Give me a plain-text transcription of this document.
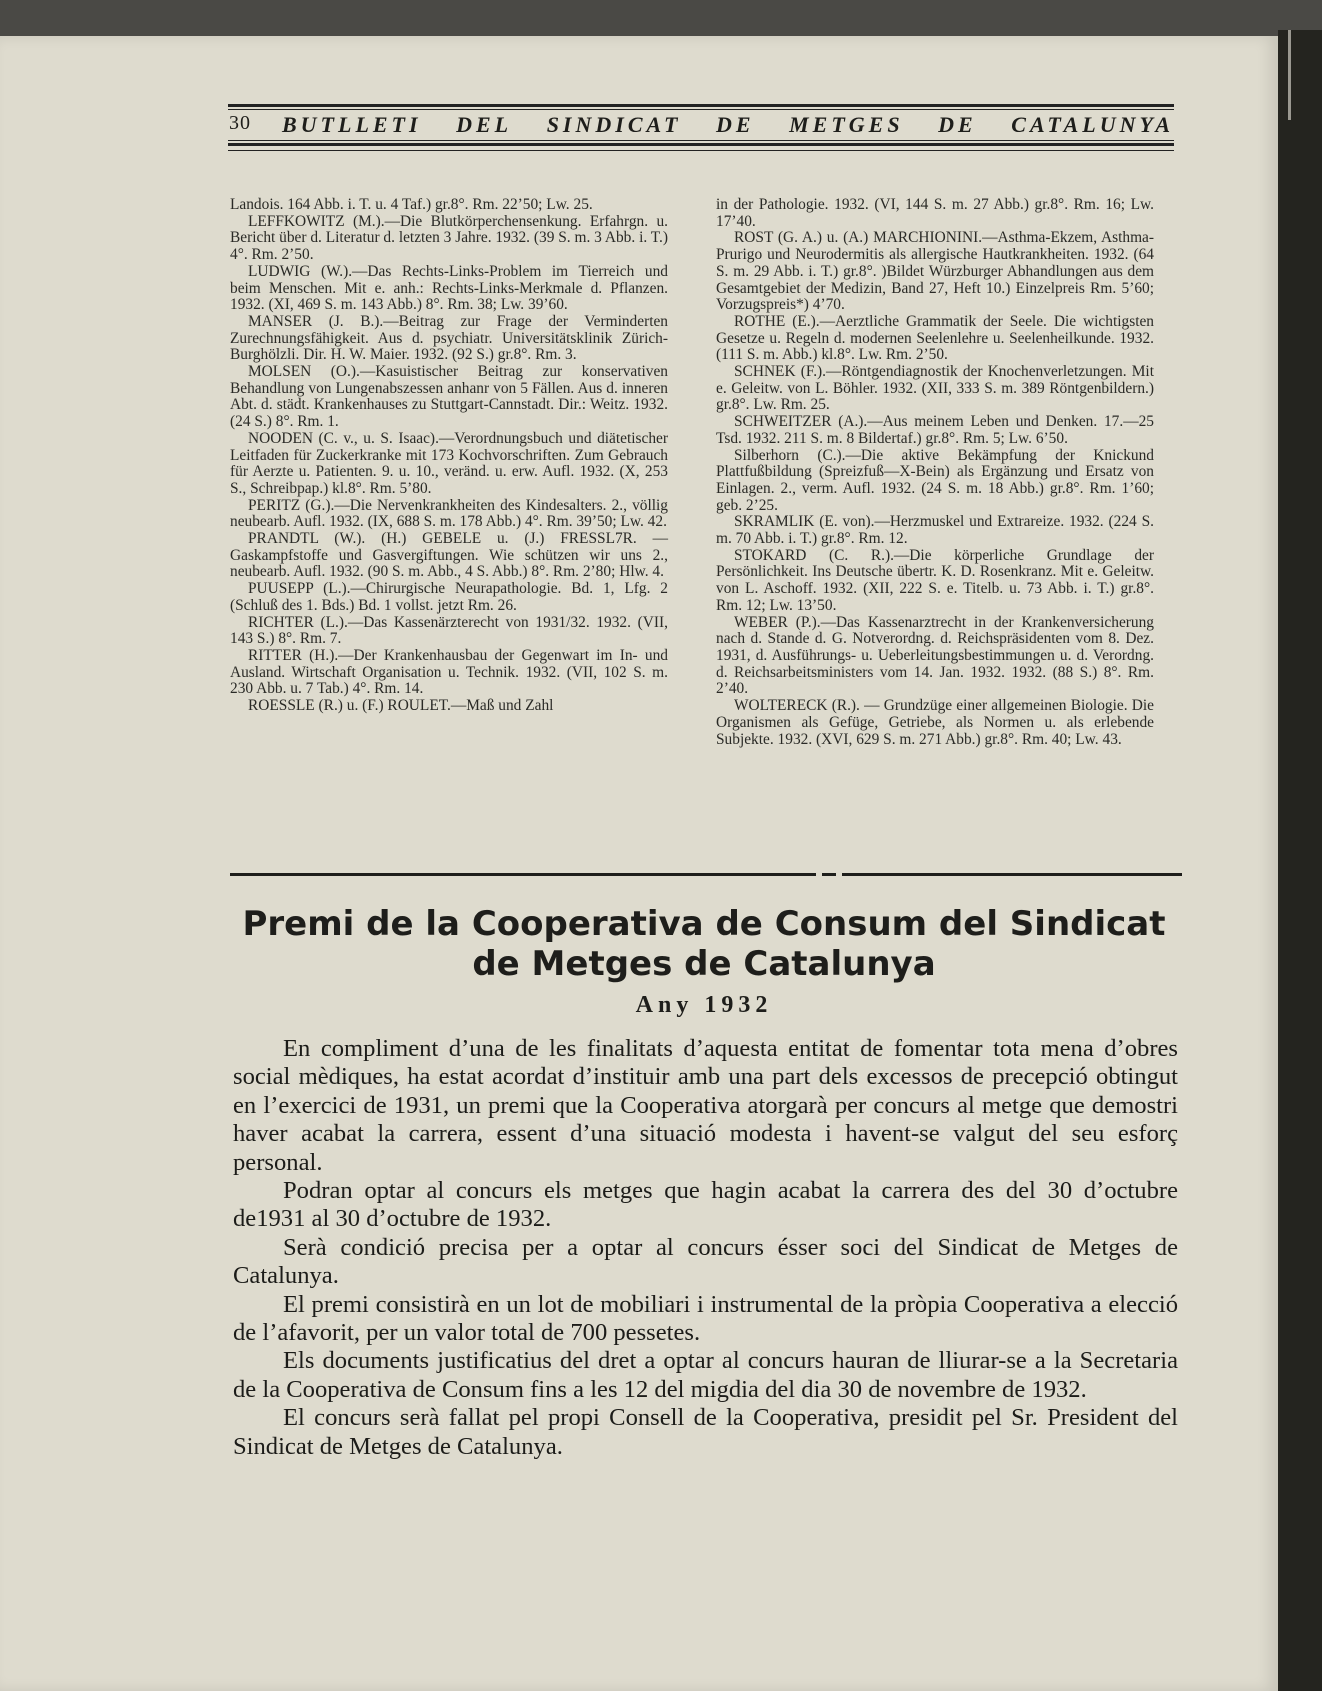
30 BUTLLETI DEL SINDICAT DE METGES DE CATALUNYA

Landois. 164 Abb. i. T. u. 4 Taf.) gr.8°. Rm. 22’50; Lw. 25.

LEFFKOWITZ (M.).—Die Blutkörperchensenkung. Erfahrgn. u. Bericht über d. Literatur d. letzten 3 Jahre. 1932. (39 S. m. 3 Abb. i. T.) 4°. Rm. 2’50.

LUDWIG (W.).—Das Rechts-Links-Problem im Tierreich und beim Menschen. Mit e. anh.: Rechts-Links-Merkmale d. Pflanzen. 1932. (XI, 469 S. m. 143 Abb.) 8°. Rm. 38; Lw. 39’60.

MANSER (J. B.).—Beitrag zur Frage der Verminderten Zurechnungsfähigkeit. Aus d. psychiatr. Universitätsklinik Zürich-Burghölzli. Dir. H. W. Maier. 1932. (92 S.) gr.8°. Rm. 3.

MOLSEN (O.).—Kasuistischer Beitrag zur konservativen Behandlung von Lungenabszessen anhanr von 5 Fällen. Aus d. inneren Abt. d. städt. Krankenhauses zu Stuttgart-Cannstadt. Dir.: Weitz. 1932. (24 S.) 8°. Rm. 1.

NOODEN (C. v., u. S. Isaac).—Verordnungsbuch und diätetischer Leitfaden für Zuckerkranke mit 173 Kochvorschriften. Zum Gebrauch für Aerzte u. Patienten. 9. u. 10., veränd. u. erw. Aufl. 1932. (X, 253 S., Schreibpap.) kl.8°. Rm. 5’80.

PERITZ (G.).—Die Nervenkrankheiten des Kindesalters. 2., völlig neubearb. Aufl. 1932. (IX, 688 S. m. 178 Abb.) 4°. Rm. 39’50; Lw. 42.

PRANDTL (W.). (H.) GEBELE u. (J.) FRESSL7R. — Gaskampfstoffe und Gasvergiftungen. Wie schützen wir uns 2., neubearb. Aufl. 1932. (90 S. m. Abb., 4 S. Abb.) 8°. Rm. 2’80; Hlw. 4.

PUUSEPP (L.).—Chirurgische Neurapathologie. Bd. 1, Lfg. 2 (Schluß des 1. Bds.) Bd. 1 vollst. jetzt Rm. 26.

RICHTER (L.).—Das Kassenärzterecht von 1931/32. 1932. (VII, 143 S.) 8°. Rm. 7.

RITTER (H.).—Der Krankenhausbau der Gegenwart im In- und Ausland. Wirtschaft Organisation u. Technik. 1932. (VII, 102 S. m. 230 Abb. u. 7 Tab.) 4°. Rm. 14.

ROESSLE (R.) u. (F.) ROULET.—Maß und Zahl

in der Pathologie. 1932. (VI, 144 S. m. 27 Abb.) gr.8°. Rm. 16; Lw. 17’40.

ROST (G. A.) u. (A.) MARCHIONINI.—Asthma-Ekzem, Asthma-Prurigo und Neurodermitis als allergische Hautkrankheiten. 1932. (64 S. m. 29 Abb. i. T.) gr.8°. )Bildet Würzburger Abhandlungen aus dem Gesamtgebiet der Medizin, Band 27, Heft 10.) Einzelpreis Rm. 5’60; Vorzugspreis*) 4’70.

ROTHE (E.).—Aerztliche Grammatik der Seele. Die wichtigsten Gesetze u. Regeln d. modernen Seelenlehre u. Seelenheilkunde. 1932. (111 S. m. Abb.) kl.8°. Lw. Rm. 2’50.

SCHNEK (F.).—Röntgendiagnostik der Knochenverletzungen. Mit e. Geleitw. von L. Böhler. 1932. (XII, 333 S. m. 389 Röntgenbildern.) gr.8°. Lw. Rm. 25.

SCHWEITZER (A.).—Aus meinem Leben und Denken. 17.—25 Tsd. 1932. 211 S. m. 8 Bildertaf.) gr.8°. Rm. 5; Lw. 6’50.

Silberhorn (C.).—Die aktive Bekämpfung der Knickund Plattfußbildung (Spreizfuß—X-Bein) als Ergänzung und Ersatz von Einlagen. 2., verm. Aufl. 1932. (24 S. m. 18 Abb.) gr.8°. Rm. 1’60; geb. 2’25.

SKRAMLIK (E. von).—Herzmuskel und Extrareize. 1932. (224 S. m. 70 Abb. i. T.) gr.8°. Rm. 12.

STOKARD (C. R.).—Die körperliche Grundlage der Persönlichkeit. Ins Deutsche übertr. K. D. Rosenkranz. Mit e. Geleitw. von L. Aschoff. 1932. (XII, 222 S. e. Titelb. u. 73 Abb. i. T.) gr.8°. Rm. 12; Lw. 13’50.

WEBER (P.).—Das Kassenarztrecht in der Krankenversicherung nach d. Stande d. G. Notverordng. d. Reichspräsidenten vom 8. Dez. 1931, d. Ausführungs- u. Ueberleitungsbestimmungen u. d. Verordng. d. Reichsarbeitsministers vom 14. Jan. 1932. 1932. (88 S.) 8°. Rm. 2’40.

WOLTERECK (R.). — Grundzüge einer allgemeinen Biologie. Die Organismen als Gefüge, Getriebe, als Normen u. als erlebende Subjekte. 1932. (XVI, 629 S. m. 271 Abb.) gr.8°. Rm. 40; Lw. 43.

Premi de la Cooperativa de Consum del Sindicat
de Metges de Catalunya
Any 1932

En compliment d’una de les finalitats d’aquesta entitat de fomentar tota mena d’obres social mèdiques, ha estat acordat d’instituir amb una part dels excessos de precepció obtingut en l’exercici de 1931, un premi que la Cooperativa atorgarà per concurs al metge que demostri haver acabat la carrera, essent d’una situació modesta i havent-se valgut del seu esforç personal.

Podran optar al concurs els metges que hagin acabat la carrera des del 30 d’octubre de1931 al 30 d’octubre de 1932.

Serà condició precisa per a optar al concurs ésser soci del Sindicat de Metges de Catalunya.

El premi consistirà en un lot de mobiliari i instrumental de la pròpia Cooperativa a elecció de l’afavorit, per un valor total de 700 pessetes.

Els documents justificatius del dret a optar al concurs hauran de lliurar-se a la Secretaria de la Cooperativa de Consum fins a les 12 del migdia del dia 30 de novembre de 1932.

El concurs serà fallat pel propi Consell de la Cooperativa, presidit pel Sr. President del Sindicat de Metges de Catalunya.
